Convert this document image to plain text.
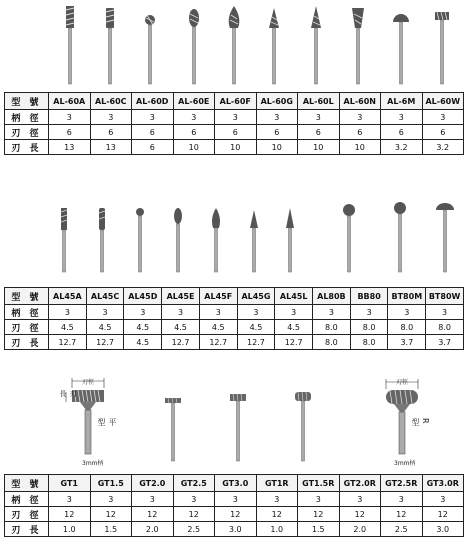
型 號	AL-60A	AL-60C	AL-60D	AL-60E	AL-60F	AL-60G	AL-60L	AL-60N	AL-6M	AL-60W
柄 徑	3	3	3	3	3	3	3	3	3	3
刃 徑	6	6	6	6	6	6	6	6	6	6
刃 長	13	13	6	10	10	10	10	10	3.2	3.2
型 號	AL45A	AL45C	AL45D	AL45E	AL45F	AL45G	AL45L	AL80B	BB80	BT80M	BT80W
柄 徑	3	3	3	3	3	3	3	3	3	3	3
刃 徑	4.5	4.5	4.5	4.5	4.5	4.5	4.5	8.0	8.0	8.0	8.0
刃 長	12.7	12.7	4.5	12.7	12.7	12.7	12.7	8.0	8.0	3.7	3.7
刃徑
刃長
平型
3mm柄
刃徑
R型
3mm柄
型 號	GT1	GT1.5	GT2.0	GT2.5	GT3.0	GT1R	GT1.5R	GT2.0R	GT2.5R	GT3.0R
柄 徑	3	3	3	3	3	3	3	3	3	3
刃 徑	12	12	12	12	12	12	12	12	12	12
刃 長	1.0	1.5	2.0	2.5	3.0	1.0	1.5	2.0	2.5	3.0
